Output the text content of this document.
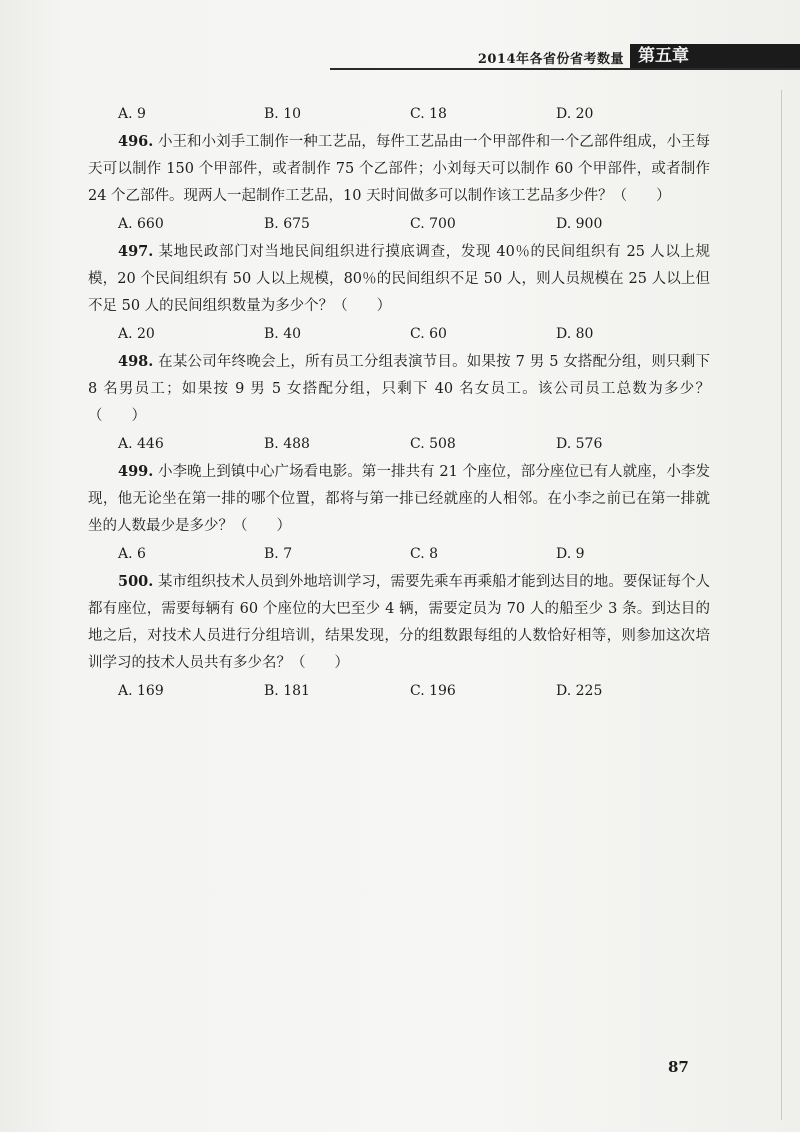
2014年各省份省考数量 第五章
A. 9	B. 10	C. 18	D. 20

496. 小王和小刘手工制作一种工艺品，每件工艺品由一个甲部件和一个乙部件组成，小王每天可以制作 150 个甲部件，或者制作 75 个乙部件；小刘每天可以制作 60 个甲部件，或者制作 24 个乙部件。现两人一起制作工艺品，10 天时间做多可以制作该工艺品多少件？（　　）

A. 660	B. 675	C. 700	D. 900

497. 某地民政部门对当地民间组织进行摸底调查，发现 40％的民间组织有 25 人以上规模，20 个民间组织有 50 人以上规模，80％的民间组织不足 50 人，则人员规模在 25 人以上但不足 50 人的民间组织数量为多少个？（　　）

A. 20	B. 40	C. 60	D. 80

498. 在某公司年终晚会上，所有员工分组表演节目。如果按 7 男 5 女搭配分组，则只剩下 8 名男员工；如果按 9 男 5 女搭配分组，只剩下 40 名女员工。该公司员工总数为多少？（　　）

A. 446	B. 488	C. 508	D. 576

499. 小李晚上到镇中心广场看电影。第一排共有 21 个座位，部分座位已有人就座，小李发现，他无论坐在第一排的哪个位置，都将与第一排已经就座的人相邻。在小李之前已在第一排就坐的人数最少是多少？（　　）

A. 6	B. 7	C. 8	D. 9

500. 某市组织技术人员到外地培训学习，需要先乘车再乘船才能到达目的地。要保证每个人都有座位，需要每辆有 60 个座位的大巴至少 4 辆，需要定员为 70 人的船至少 3 条。到达目的地之后，对技术人员进行分组培训，结果发现，分的组数跟每组的人数恰好相等，则参加这次培训学习的技术人员共有多少名？（　　）

A. 169	B. 181	C. 196	D. 225
87
